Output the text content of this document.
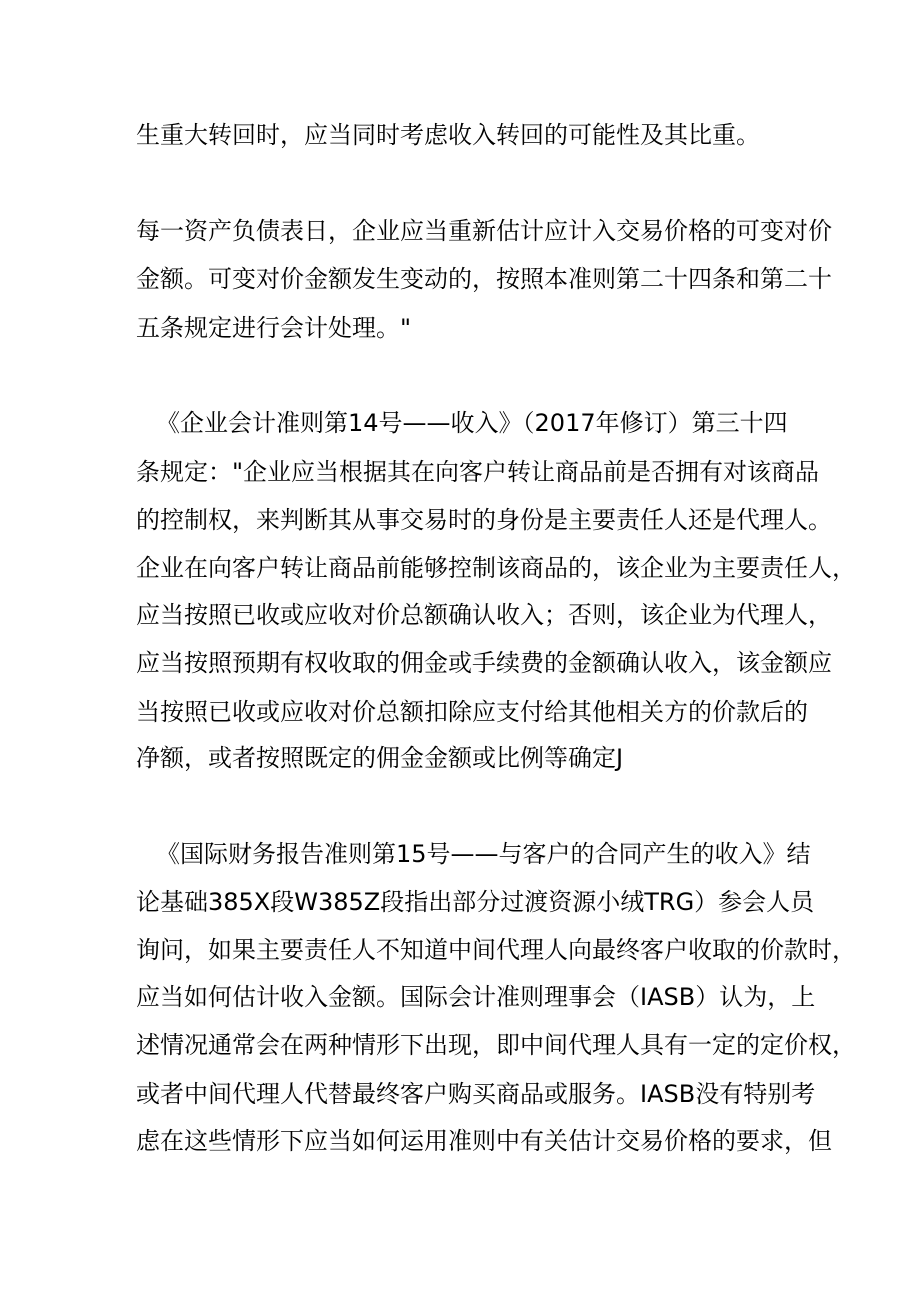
生重大转回时，应当同时考虑收入转回的可能性及其比重。
每一资产负债表日，企业应当重新估计应计入交易价格的可变对价
金额。可变对价金额发生变动的，按照本准则第二十四条和第二十
五条规定进行会计处理。"
《企业会计准则第14号——收入》（2017年修订）第三十四
条规定："企业应当根据其在向客户转让商品前是否拥有对该商品
的控制权，来判断其从事交易时的身份是主要责任人还是代理人。
企业在向客户转让商品前能够控制该商品的，该企业为主要责任人，
应当按照已收或应收对价总额确认收入；否则，该企业为代理人，
应当按照预期有权收取的佣金或手续费的金额确认收入，该金额应
当按照已收或应收对价总额扣除应支付给其他相关方的价款后的
净额，或者按照既定的佣金金额或比例等确定J
《国际财务报告准则第15号——与客户的合同产生的收入》结
论基础385X段W385Z段指出部分过渡资源小绒TRG）参会人员
询问，如果主要责任人不知道中间代理人向最终客户收取的价款时，
应当如何估计收入金额。国际会计准则理事会（IASB）认为，上
述情况通常会在两种情形下出现，即中间代理人具有一定的定价权，
或者中间代理人代替最终客户购买商品或服务。IASB没有特别考
虑在这些情形下应当如何运用准则中有关估计交易价格的要求，但
